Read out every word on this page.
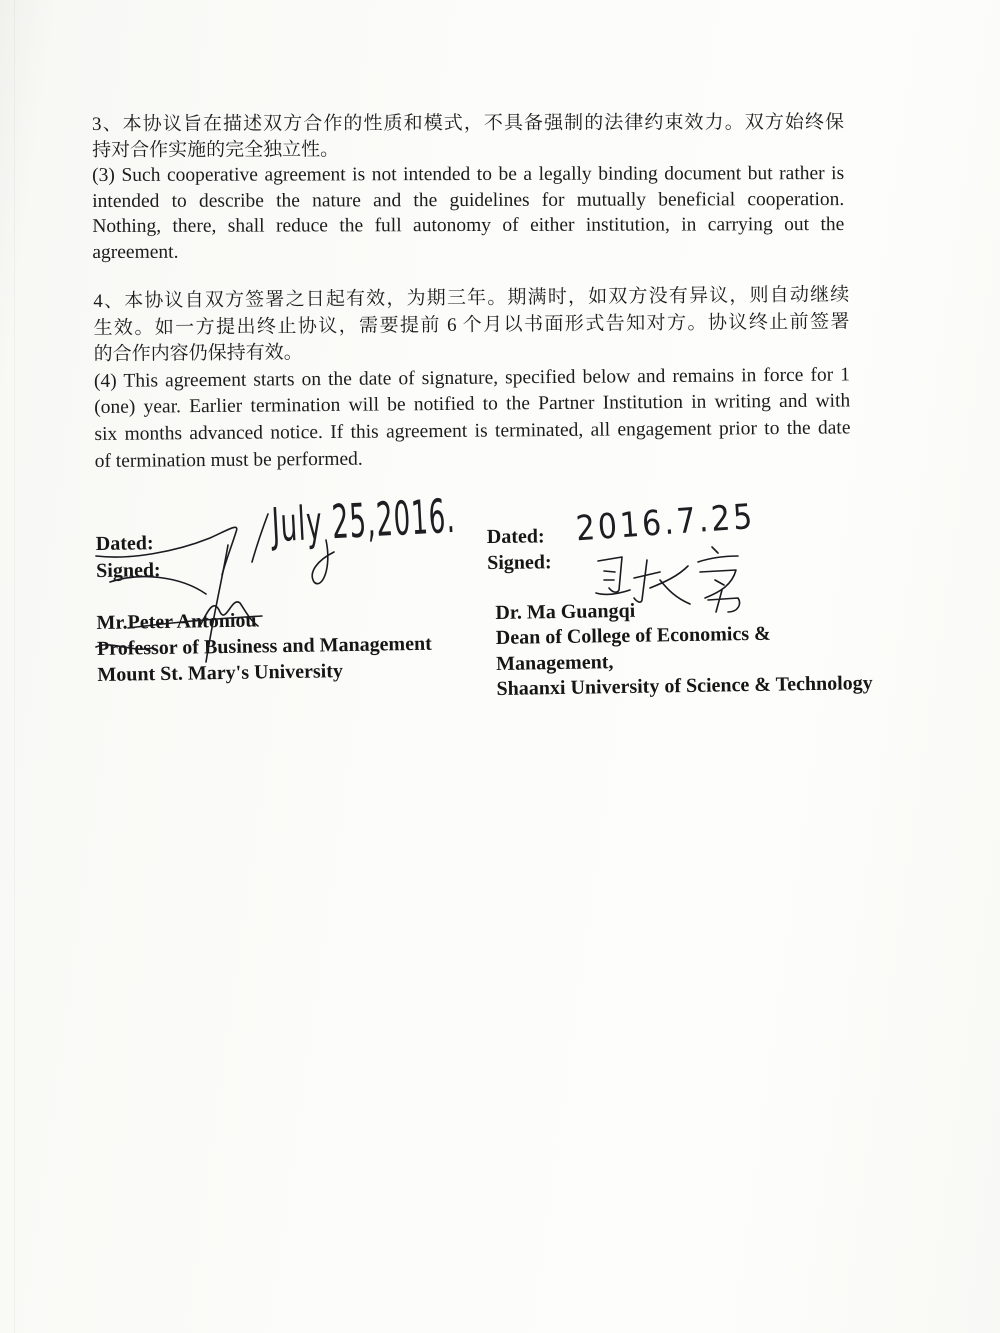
3、本协议旨在描述双方合作的性质和模式，不具备强制的法律约束效力。双方始终保
持对合作实施的完全独立性。
(3) Such cooperative agreement is not intended to be a legally binding document but rather is
intended to describe the nature and the guidelines for mutually beneficial cooperation.
Nothing, there, shall reduce the full autonomy of either institution, in carrying out the
agreement.
4、本协议自双方签署之日起有效，为期三年。期满时，如双方没有异议，则自动继续
生效。如一方提出终止协议，需要提前 6 个月以书面形式告知对方。协议终止前签署
的合作内容仍保持有效。
(4) This agreement starts on the date of signature, specified below and remains in force for 1
(one) year. Earlier termination will be notified to the Partner Institution in writing and with
six months advanced notice. If this agreement is terminated, all engagement prior to the date
of termination must be performed.
Dated:
Signed:
Mr.Peter Antoniou
Professor of Business and Management
Mount St. Mary's University
July 25,2016. Dated:
Signed:
Dr. Ma Guangqi
Dean of College of Economics &
Management,
Shaanxi University of Science & Technology
2016.7.25
